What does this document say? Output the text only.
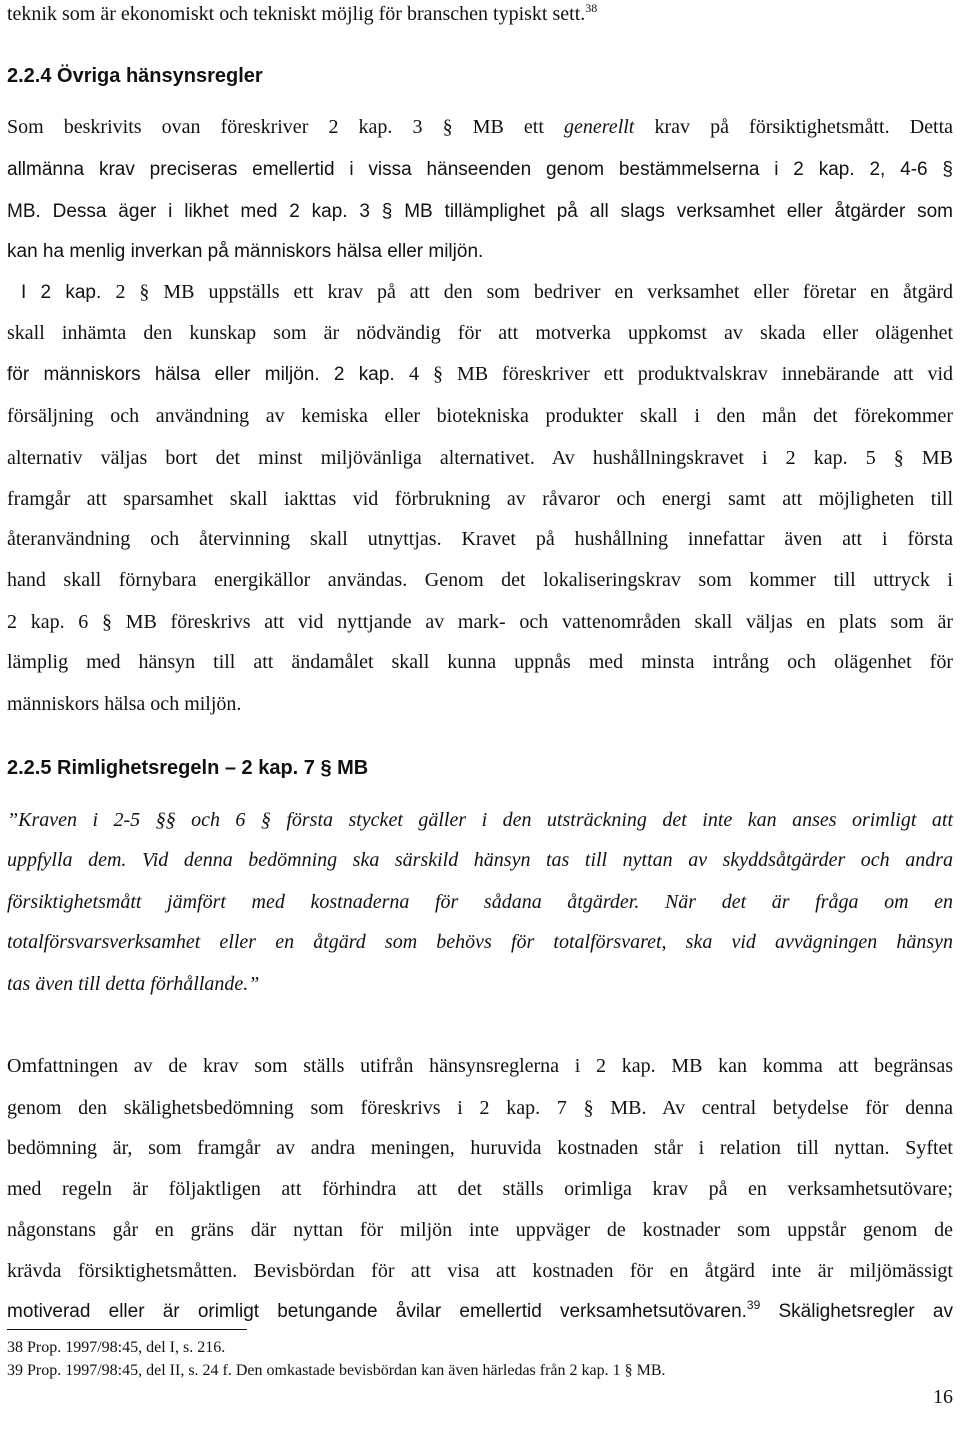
teknik som är ekonomiskt och tekniskt möjlig för branschen typiskt sett.$^{38}$
2.2.4 Övriga hänsynsregler
Som beskrivits ovan föreskriver 2 kap. 3 § MB ett generellt krav på försiktighetsmått. Detta
allmänna krav preciseras emellertid i vissa hänseenden genom bestämmelserna i 2 kap. 2, 4-6 §
MB. Dessa äger i likhet med 2 kap. 3 § MB tillämplighet på all slags verksamhet eller åtgärder som
kan ha menlig inverkan på människors hälsa eller miljön.
I 2 kap. 2 § MB uppställs ett krav på att den som bedriver en verksamhet eller företar en åtgärd
skall inhämta den kunskap som är nödvändig för att motverka uppkomst av skada eller olägenhet
för människors hälsa eller miljön. 2 kap. 4 § MB föreskriver ett produktvalskrav innebärande att vid
försäljning och användning av kemiska eller biotekniska produkter skall i den mån det förekommer
alternativ väljas bort det minst miljövänliga alternativet. Av hushållningskravet i 2 kap. 5 § MB
framgår att sparsamhet skall iakttas vid förbrukning av råvaror och energi samt att möjligheten till
återanvändning och återvinning skall utnyttjas. Kravet på hushållning innefattar även att i första
hand skall förnybara energikällor användas. Genom det lokaliseringskrav som kommer till uttryck i
2 kap. 6 § MB föreskrivs att vid nyttjande av mark- och vattenområden skall väljas en plats som är
lämplig med hänsyn till att ändamålet skall kunna uppnås med minsta intrång och olägenhet för
människors hälsa och miljön.
2.2.5 Rimlighetsregeln – 2 kap. 7 § MB
”Kraven i 2-5 §§ och 6 § första stycket gäller i den utsträckning det inte kan anses orimligt att
uppfylla dem. Vid denna bedömning ska särskild hänsyn tas till nyttan av skyddsåtgärder och andra
försiktighetsmått jämfört med kostnaderna för sådana åtgärder. När det är fråga om en
totalförsvarsverksamhet eller en åtgärd som behövs för totalförsvaret, ska vid avvägningen hänsyn
tas även till detta förhållande.”
Omfattningen av de krav som ställs utifrån hänsynsreglerna i 2 kap. MB kan komma att begränsas
genom den skälighetsbedömning som föreskrivs i 2 kap. 7 § MB. Av central betydelse för denna
bedömning är, som framgår av andra meningen, huruvida kostnaden står i relation till nyttan. Syftet
med regeln är följaktligen att förhindra att det ställs orimliga krav på en verksamhetsutövare;
någonstans går en gräns där nyttan för miljön inte uppväger de kostnader som uppstår genom de
krävda försiktighetsmåtten. Bevisbördan för att visa att kostnaden för en åtgärd inte är miljömässigt
motiverad eller är orimligt betungande åvilar emellertid verksamhetsutövaren.$^{39}$ Skälighetsregler av
38 Prop. 1997/98:45, del I, s. 216.
39 Prop. 1997/98:45, del II, s. 24 f. Den omkastade bevisbördan kan även härledas från 2 kap. 1 § MB.
16
